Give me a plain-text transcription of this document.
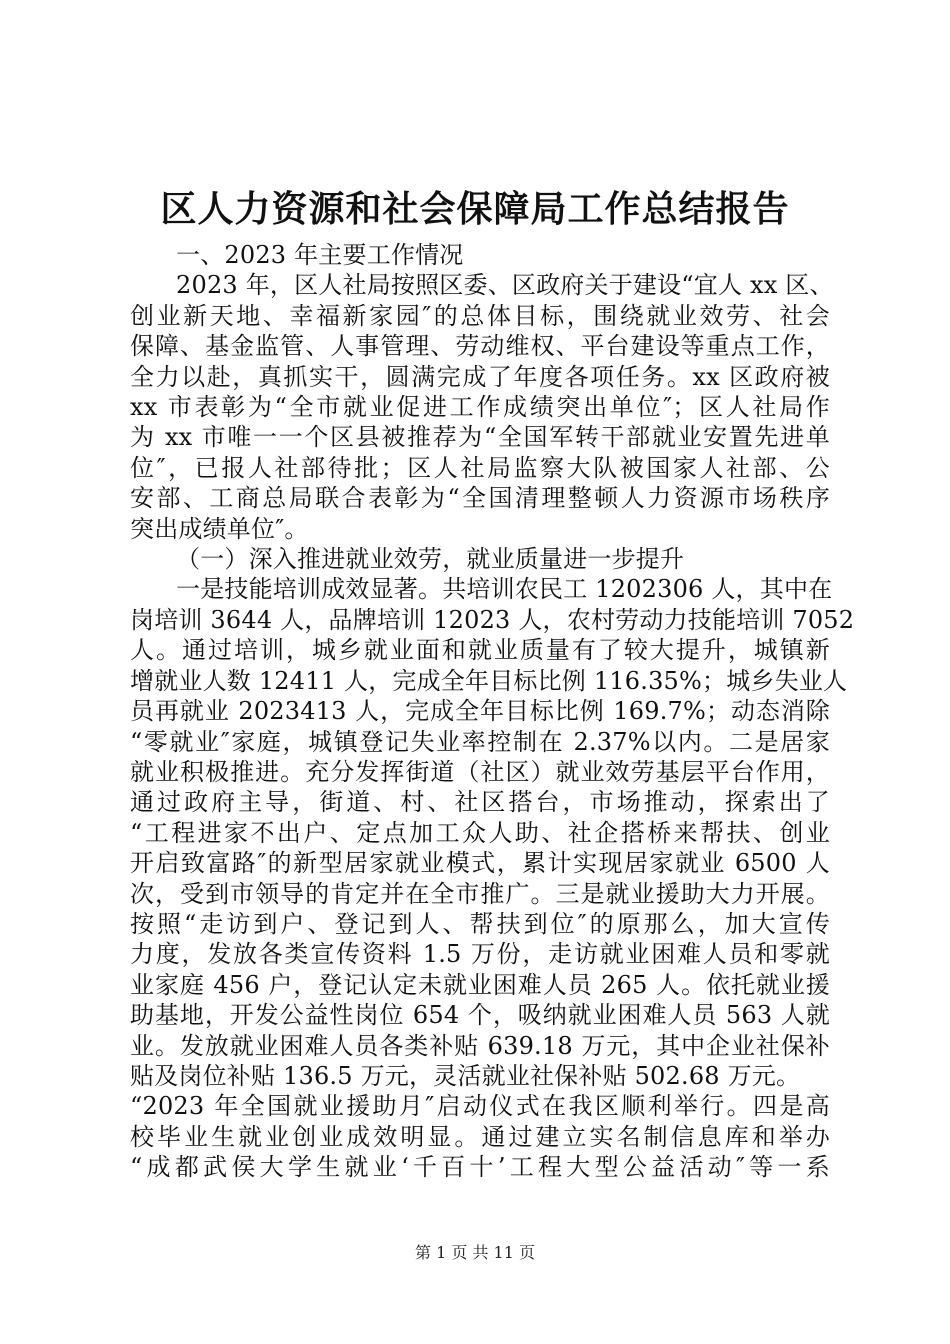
区人力资源和社会保障局工作总结报告
一、2023 年主要工作情况
2023 年，区人社局按照区委、区政府关于建设“宜人 xx 区、
创业新天地、幸福新家园″的总体目标，围绕就业效劳、社会
保障、基金监管、人事管理、劳动维权、平台建设等重点工作，
全力以赴，真抓实干，圆满完成了年度各项任务。xx 区政府被
xx 市表彰为“全市就业促进工作成绩突出单位″；区人社局作
为 xx 市唯一一个区县被推荐为“全国军转干部就业安置先进单
位″，已报人社部待批；区人社局监察大队被国家人社部、公
安部、工商总局联合表彰为“全国清理整顿人力资源市场秩序
突出成绩单位″。
（一）深入推进就业效劳，就业质量进一步提升
一是技能培训成效显著。共培训农民工 1202306 人，其中在
岗培训 3644 人，品牌培训 12023 人，农村劳动力技能培训 7052
人。通过培训，城乡就业面和就业质量有了较大提升，城镇新
增就业人数 12411 人，完成全年目标比例 116.35%；城乡失业人
员再就业 2023413 人，完成全年目标比例 169.7%；动态消除
“零就业″家庭，城镇登记失业率控制在 2.37%以内。二是居家
就业积极推进。充分发挥街道（社区）就业效劳基层平台作用，
通过政府主导，街道、村、社区搭台，市场推动，探索出了
“工程进家不出户、定点加工众人助、社企搭桥来帮扶、创业
开启致富路″的新型居家就业模式，累计实现居家就业 6500 人
次，受到市领导的肯定并在全市推广。三是就业援助大力开展。
按照“走访到户、登记到人、帮扶到位″的原那么，加大宣传
力度，发放各类宣传资料 1.5 万份，走访就业困难人员和零就
业家庭 456 户，登记认定未就业困难人员 265 人。依托就业援
助基地，开发公益性岗位 654 个，吸纳就业困难人员 563 人就
业。发放就业困难人员各类补贴 639.18 万元，其中企业社保补
贴及岗位补贴 136.5 万元，灵活就业社保补贴 502.68 万元。
“2023 年全国就业援助月″启动仪式在我区顺利举行。四是高
校毕业生就业创业成效明显。通过建立实名制信息库和举办
“成都武侯大学生就业‘千百十’工程大型公益活动″等一系
第 1 页 共 11 页
